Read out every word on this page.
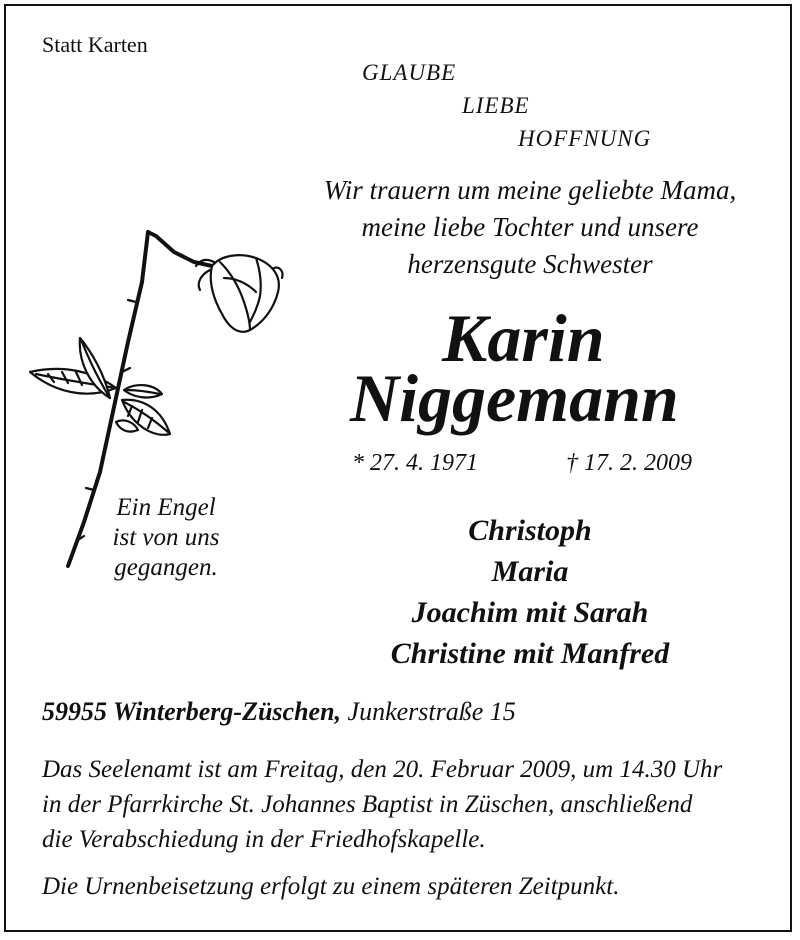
Statt Karten
GLAUBE
LIEBE
HOFFNUNG
Wir trauern um meine geliebte Mama,
meine liebe Tochter und unsere
herzensgute Schwester
Karin
Niggemann
* 27. 4. 1971	† 17. 2. 2009
Ein Engel
ist von uns
gegangen.
Christoph
Maria
Joachim mit Sarah
Christine mit Manfred
59955 Winterberg-Züschen, Junkerstraße 15
Das Seelenamt ist am Freitag, den 20. Februar 2009, um 14.30 Uhr
in der Pfarrkirche St. Johannes Baptist in Züschen, anschließend
die Verabschiedung in der Friedhofskapelle.
Die Urnenbeisetzung erfolgt zu einem späteren Zeitpunkt.
